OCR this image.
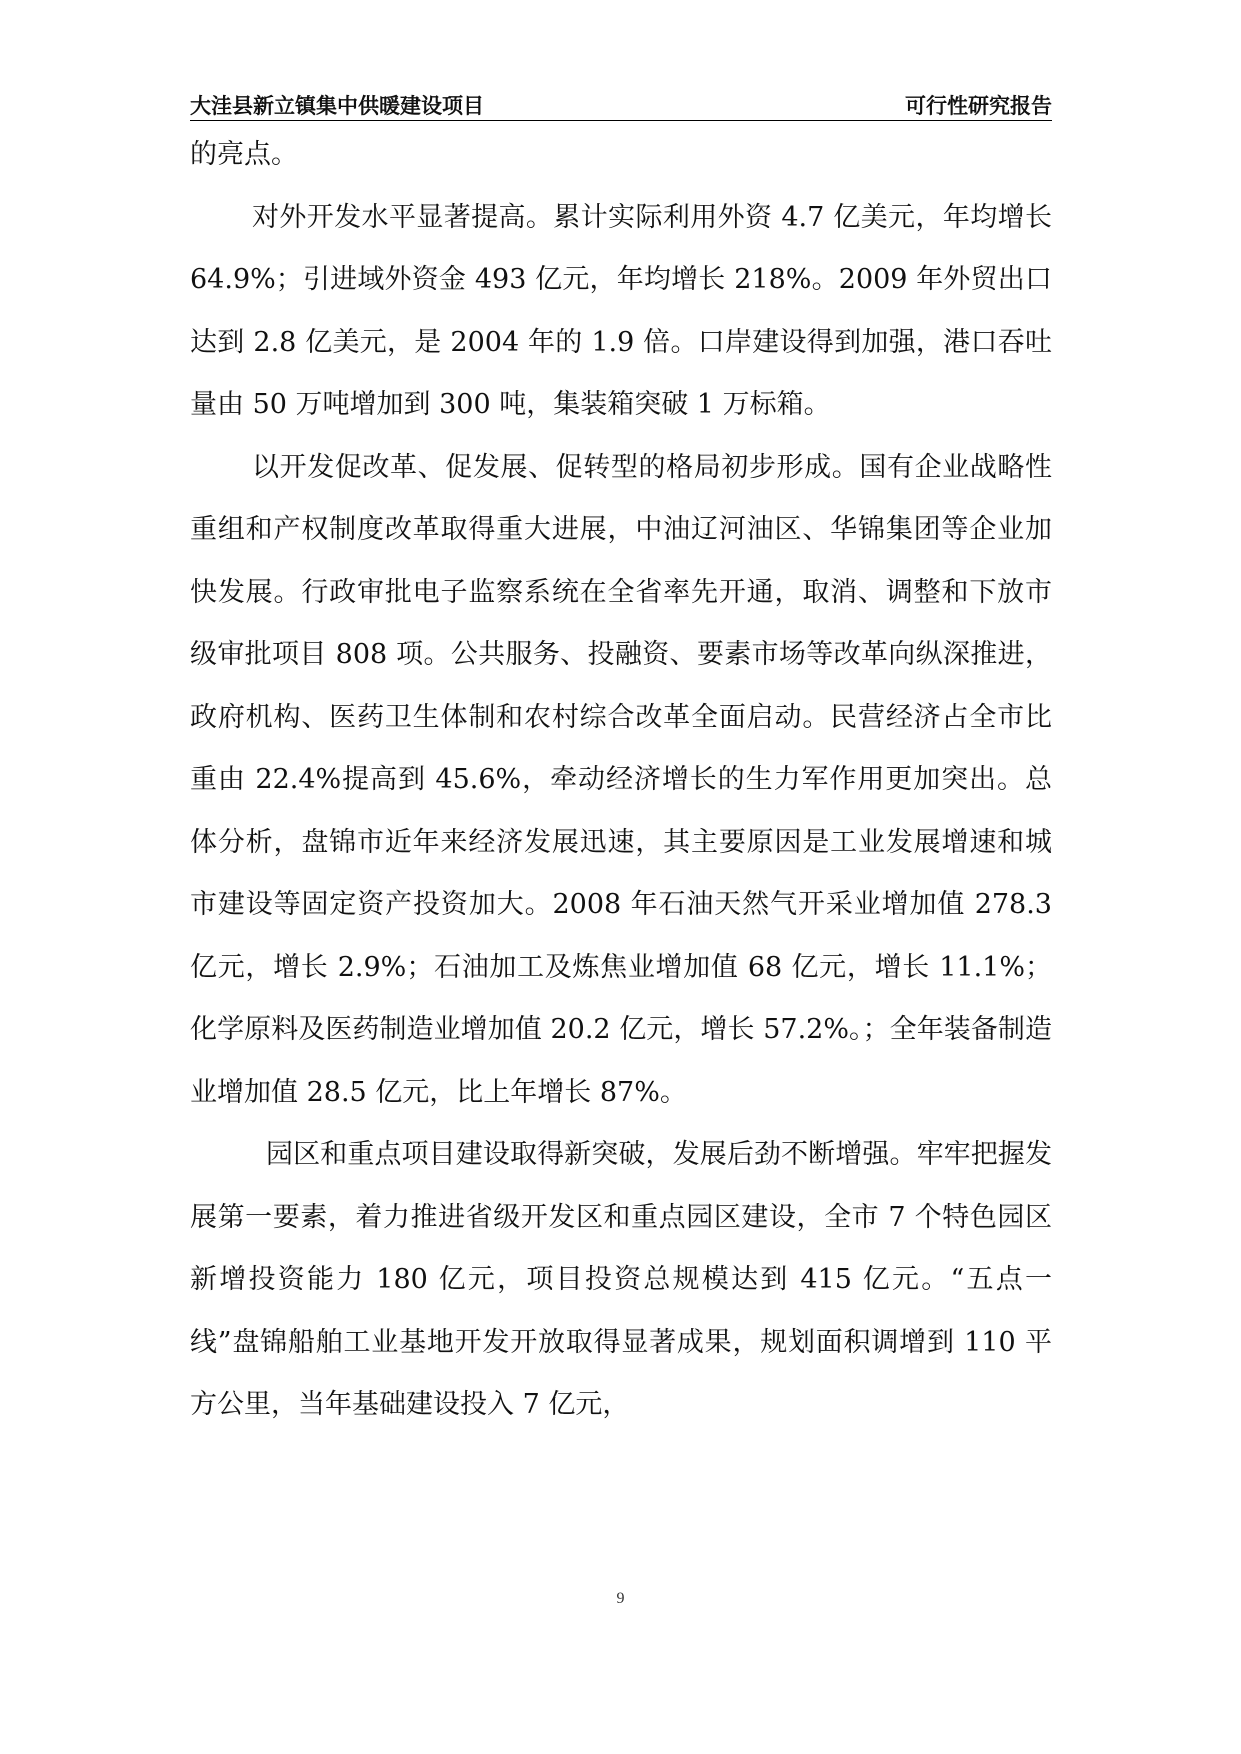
大洼县新立镇集中供暖建设项目	可行性研究报告

的亮点。

对外开发水平显著提高。累计实际利用外资 4.7 亿美元，年均增长 64.9%；引进域外资金 493 亿元，年均增长 218%。2009 年外贸出口达到 2.8 亿美元，是 2004 年的 1.9 倍。口岸建设得到加强，港口吞吐量由 50 万吨增加到 300 吨，集装箱突破 1 万标箱。

以开发促改革、促发展、促转型的格局初步形成。国有企业战略性重组和产权制度改革取得重大进展，中油辽河油区、华锦集团等企业加快发展。行政审批电子监察系统在全省率先开通，取消、调整和下放市级审批项目 808 项。公共服务、投融资、要素市场等改革向纵深推进，政府机构、医药卫生体制和农村综合改革全面启动。民营经济占全市比重由 22.4%提高到 45.6%，牵动经济增长的生力军作用更加突出。总体分析，盘锦市近年来经济发展迅速，其主要原因是工业发展增速和城市建设等固定资产投资加大。2008 年石油天然气开采业增加值 278.3 亿元，增长 2.9%；石油加工及炼焦业增加值 68 亿元，增长 11.1%；化学原料及医药制造业增加值 20.2 亿元，增长 57.2%。；全年装备制造业增加值 28.5 亿元，比上年增长 87%。

园区和重点项目建设取得新突破，发展后劲不断增强。牢牢把握发展第一要素，着力推进省级开发区和重点园区建设，全市 7 个特色园区新增投资能力 180 亿元，项目投资总规模达到 415 亿元。“五点一线”盘锦船舶工业基地开发开放取得显著成果，规划面积调增到 110 平方公里，当年基础建设投入 7 亿元，

9
